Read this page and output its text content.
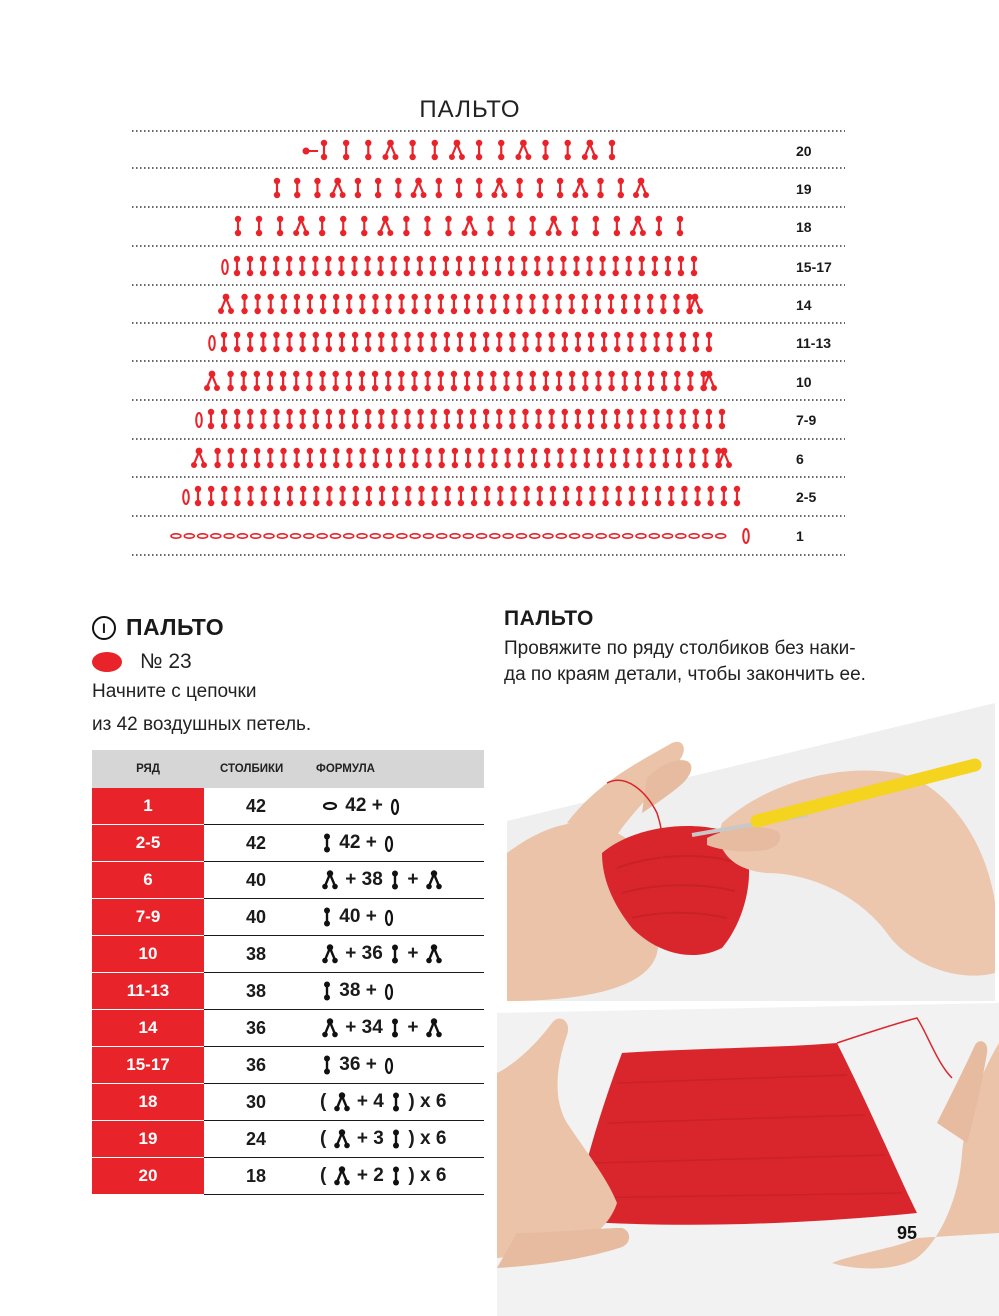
ПАЛЬТО
20
19
18
15-17
14
11-13
10
7-9
6
2-5
1
I ПАЛЬТО
№ 23
Начните с цепочки
из 42 воздушных петель.
РЯД	СТОЛБИКИ	ФОРМУЛА
1	42	42 +
2-5	42	42 +
6	40	+ 38  +
7-9	40	40 +
10	38	+ 36  +
11-13	38	38 +
14	36	+ 34  +
15-17	36	36 +
18	30	(  + 4  ) x 6
19	24	(  + 3  ) x 6
20	18	(  + 2  ) x 6
ПАЛЬТО
Провяжите по ряду столбиков без наки-
да по краям детали, чтобы закончить ее.
95
